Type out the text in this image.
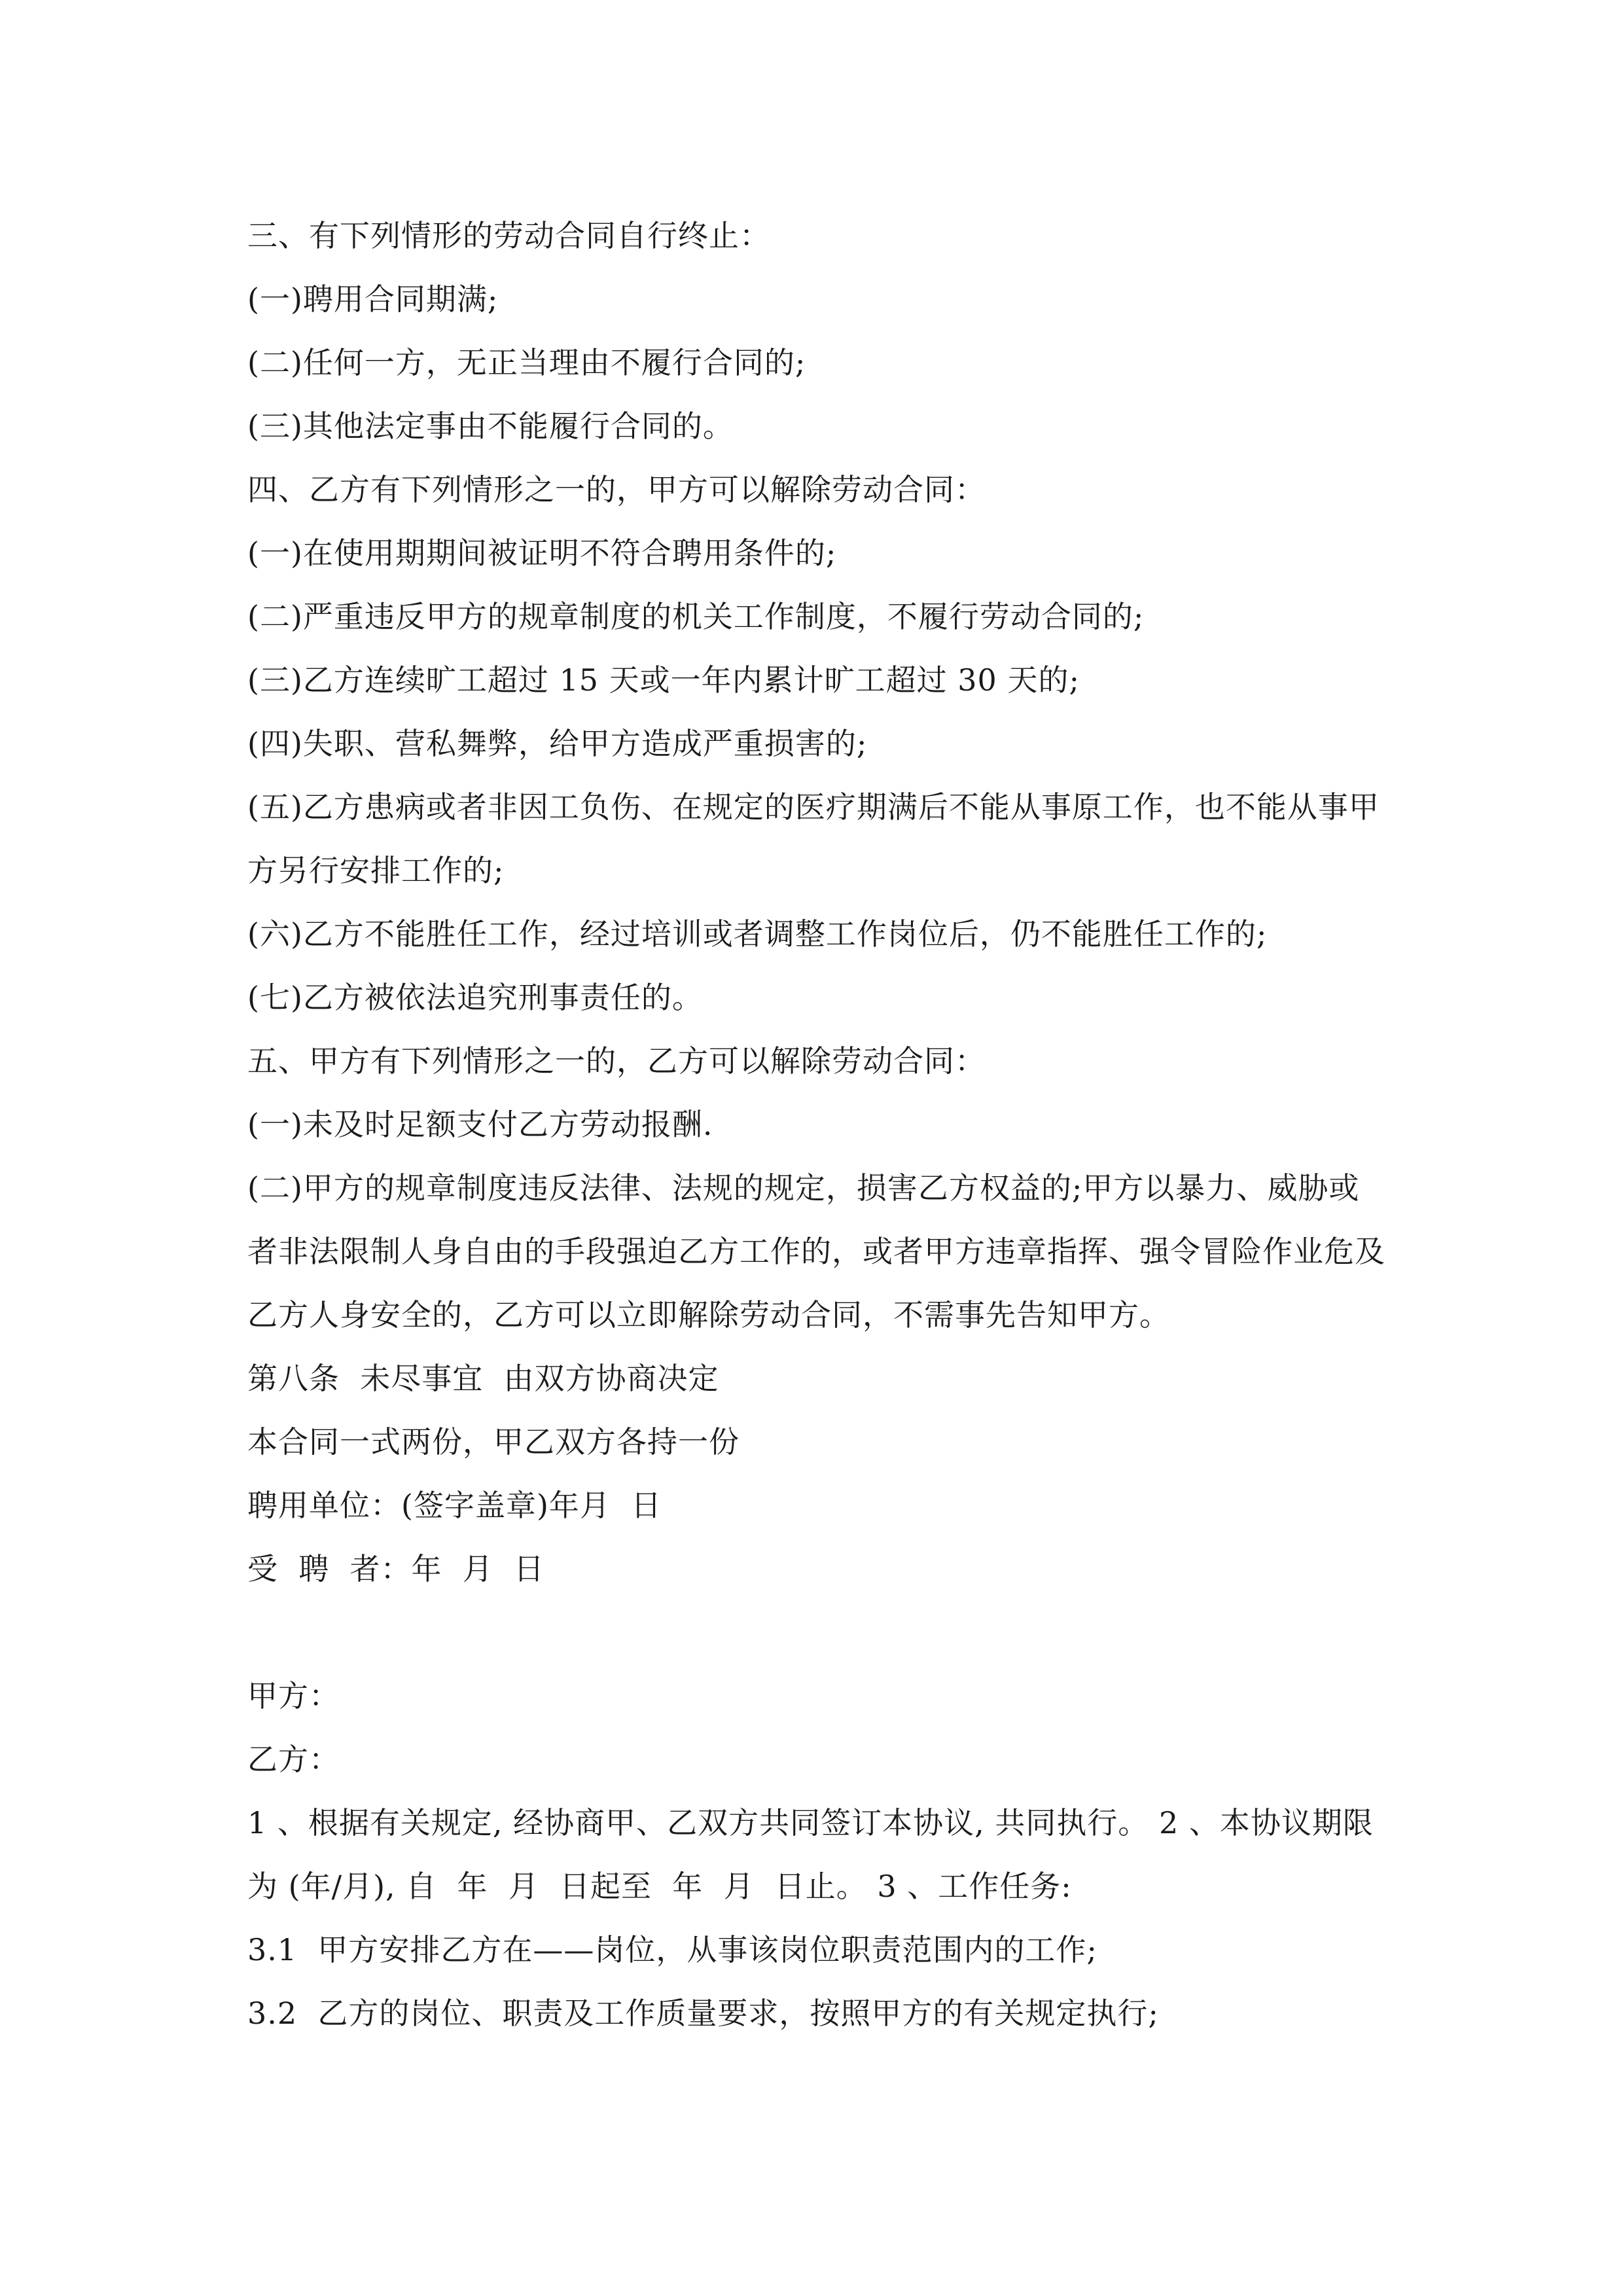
三、有下列情形的劳动合同自行终止：

(一)聘用合同期满;

(二)任何一方，无正当理由不履行合同的;

(三)其他法定事由不能履行合同的。

四、乙方有下列情形之一的，甲方可以解除劳动合同：

(一)在使用期期间被证明不符合聘用条件的;

(二)严重违反甲方的规章制度的机关工作制度，不履行劳动合同的;

(三)乙方连续旷工超过 15 天或一年内累计旷工超过 30 天的;

(四)失职、营私舞弊，给甲方造成严重损害的;

(五)乙方患病或者非因工负伤、在规定的医疗期满后不能从事原工作，也不能从事甲方另行安排工作的;

(六)乙方不能胜任工作，经过培训或者调整工作岗位后，仍不能胜任工作的;

(七)乙方被依法追究刑事责任的。

五、甲方有下列情形之一的，乙方可以解除劳动合同：

(一)未及时足额支付乙方劳动报酬.

(二)甲方的规章制度违反法律、法规的规定，损害乙方权益的;甲方以暴力、威胁或者非法限制人身自由的手段强迫乙方工作的，或者甲方违章指挥、强令冒险作业危及乙方人身安全的，乙方可以立即解除劳动合同，不需事先告知甲方。

第八条  未尽事宜  由双方协商决定

本合同一式两份，甲乙双方各持一份

聘用单位：(签字盖章)年月  日

受  聘  者：年  月  日

甲方：

乙方：

1 、根据有关规定, 经协商甲、乙双方共同签订本协议, 共同执行。 2 、本协议期限为 (年/月), 自  年  月  日起至  年  月  日止。 3 、工作任务:

3.1  甲方安排乙方在——岗位，从事该岗位职责范围内的工作;

3.2  乙方的岗位、职责及工作质量要求，按照甲方的有关规定执行;
